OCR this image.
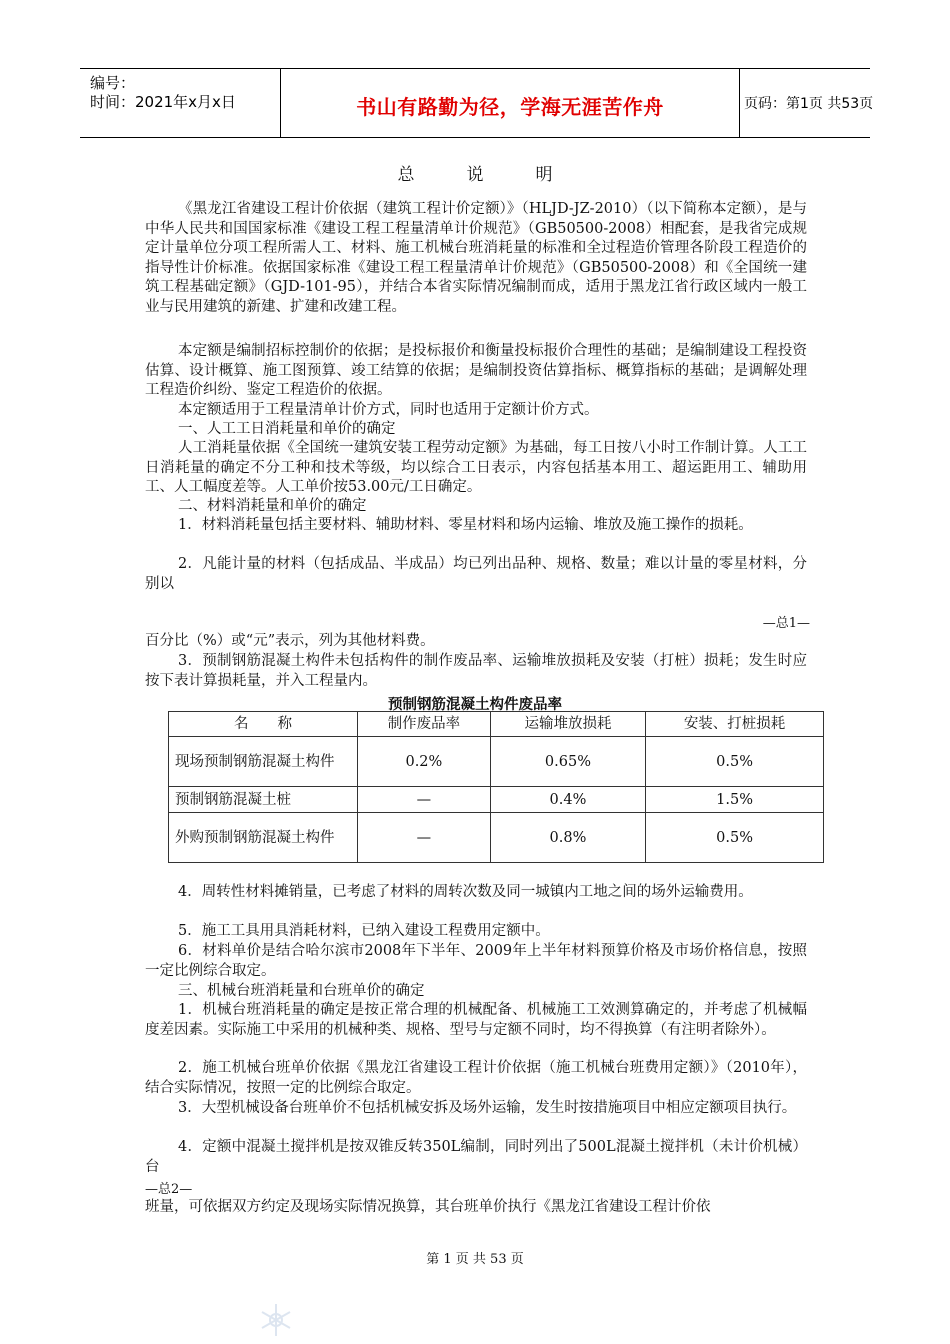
编号：
时间：2021年x月x日	书山有路勤为径，学海无涯苦作舟	页码：第1页 共53页
总说明

《黑龙江省建设工程计价依据（建筑工程计价定额）》（HLJD-JZ-2010）（以下简称本定额），是与中华人民共和国国家标准《建设工程工程量清单计价规范》（GB50500-2008）相配套，是我省完成规定计量单位分项工程所需人工、材料、施工机械台班消耗量的标准和全过程造价管理各阶段工程造价的指导性计价标准。依据国家标准《建设工程工程量清单计价规范》（GB50500-2008）和《全国统一建筑工程基础定额》（GJD-101-95），并结合本省实际情况编制而成，适用于黑龙江省行政区域内一般工业与民用建筑的新建、扩建和改建工程。

本定额是编制招标控制价的依据；是投标报价和衡量投标报价合理性的基础；是编制建设工程投资估算、设计概算、施工图预算、竣工结算的依据；是编制投资估算指标、概算指标的基础；是调解处理工程造价纠纷、鉴定工程造价的依据。

本定额适用于工程量清单计价方式，同时也适用于定额计价方式。

一、人工工日消耗量和单价的确定

人工消耗量依据《全国统一建筑安装工程劳动定额》为基础，每工日按八小时工作制计算。人工工日消耗量的确定不分工种和技术等级，均以综合工日表示，内容包括基本用工、超运距用工、辅助用工、人工幅度差等。人工单价按53.00元/工日确定。

二、材料消耗量和单价的确定

1．材料消耗量包括主要材料、辅助材料、零星材料和场内运输、堆放及施工操作的损耗。

2．凡能计量的材料（包括成品、半成品）均已列出品种、规格、数量；难以计量的零星材料，分别以

—总1—

百分比（%）或“元”表示，列为其他材料费。

3．预制钢筋混凝土构件未包括构件的制作废品率、运输堆放损耗及安装（打桩）损耗；发生时应按下表计算损耗量，并入工程量内。

预制钢筋混凝土构件废品率
名　　称	制作废品率	运输堆放损耗	安装、打桩损耗
现场预制钢筋混凝土构件	0.2%	0.65%	0.5%
预制钢筋混凝土桩	—	0.4%	1.5%
外购预制钢筋混凝土构件	—	0.8%	0.5%

4．周转性材料摊销量，已考虑了材料的周转次数及同一城镇内工地之间的场外运输费用。

5．施工工具用具消耗材料，已纳入建设工程费用定额中。

6．材料单价是结合哈尔滨市2008年下半年、2009年上半年材料预算价格及市场价格信息，按照一定比例综合取定。

三、机械台班消耗量和台班单价的确定

1．机械台班消耗量的确定是按正常合理的机械配备、机械施工工效测算确定的，并考虑了机械幅度差因素。实际施工中采用的机械种类、规格、型号与定额不同时，均不得换算（有注明者除外）。

2．施工机械台班单价依据《黑龙江省建设工程计价依据（施工机械台班费用定额）》（2010年），结合实际情况，按照一定的比例综合取定。

3．大型机械设备台班单价不包括机械安拆及场外运输，发生时按措施项目中相应定额项目执行。

4．定额中混凝土搅拌机是按双锥反转350L编制，同时列出了500L混凝土搅拌机（未计价机械）台

—总2—

班量，可依据双方约定及现场实际情况换算，其台班单价执行《黑龙江省建设工程计价依

第 1 页 共 53 页
